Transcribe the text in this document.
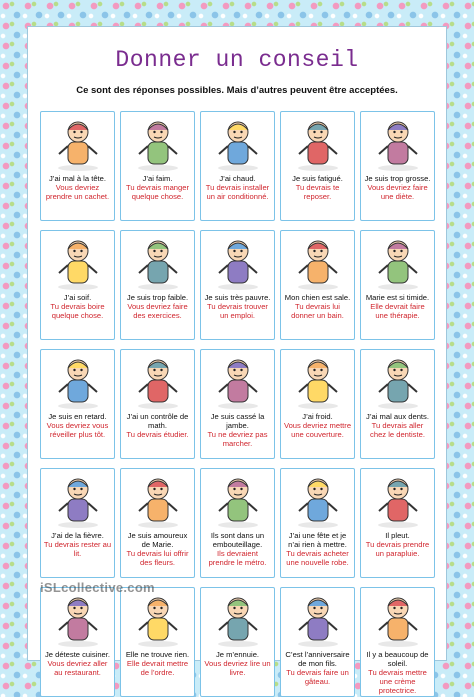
Donner un conseil
Ce sont des réponses possibles. Mais d’autres peuvent être acceptées.
J’ai mal à la tête.
Vous devriez prendre un cachet.
J’ai faim.
Tu devrais manger quelque chose.
J’ai chaud.
Tu devrais installer un air conditionné.
Je suis fatigué.
Tu devrais te reposer.
Je suis trop grosse.
Vous devriez faire une diète.
J’ai soif.
Tu devrais boire quelque chose.
Je suis trop faible.
Vous devriez faire des exercices.
Je suis très pauvre.
Tu devrais trouver un emploi.
Mon chien est sale.
Tu devrais lui donner un bain.
Marie est si timide.
Elle devrait faire une thérapie.
Je suis en retard.
Vous devriez vous réveiller plus tôt.
J’ai un contrôle de math.
Tu devrais étudier.
Je suis cassé la jambe.
Tu ne devriez pas marcher.
J’ai froid.
Vous devriez mettre une couverture.
J’ai mal aux dents.
Tu devrais aller chez le dentiste.
J’ai de la fièvre.
Tu devrais rester au lit.
Je suis amoureux de Marie.
Tu devrais lui offrir des fleurs.
Ils sont dans un embouteillage.
Ils devraient prendre le métro.
J’ai une fête et je n’ai rien à mettre.
Tu devrais acheter une nouvelle robe.
Il pleut.
Tu devrais prendre un parapluie.
Je déteste cuisiner.
Vous devriez aller au restaurant.
Elle ne trouve rien.
Elle devrait mettre de l’ordre.
Je m’ennuie.
Vous devriez lire un livre.
C’est l’anniversaire de mon fils.
Tu devrais faire un gâteau.
Il y a beaucoup de soleil.
Tu devrais mettre une crème protectrice.
iSLcollective.com
